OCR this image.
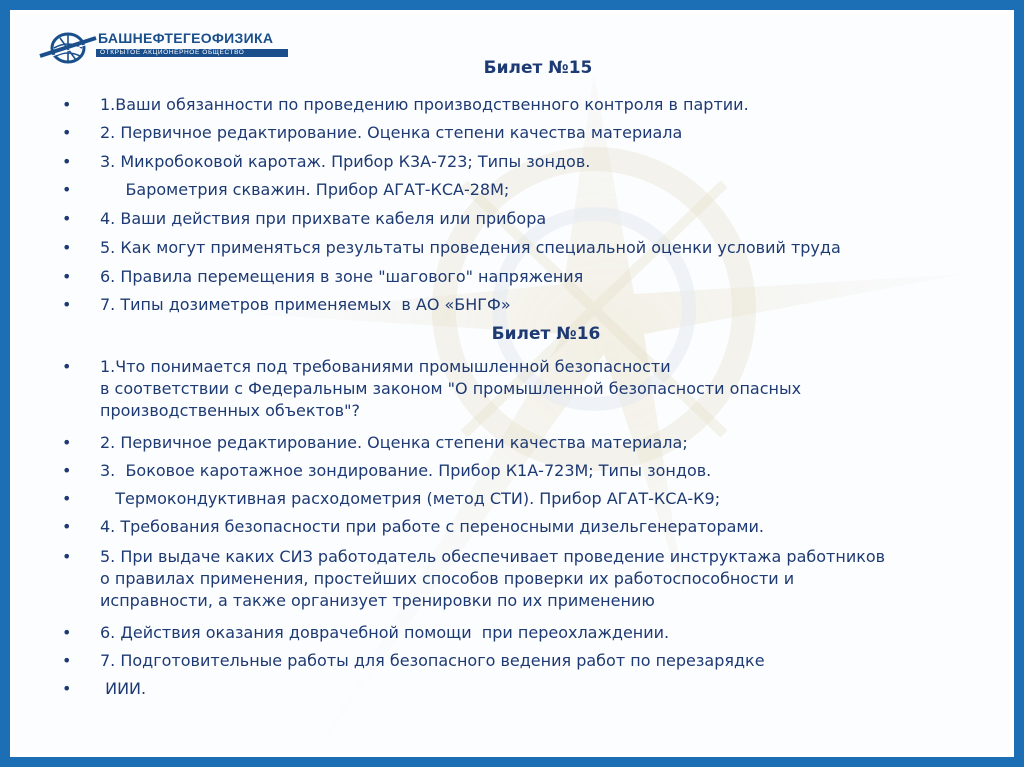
БАШНЕФТЕГЕОФИЗИКА
ОТКРЫТОЕ АКЦИОНЕРНОЕ ОБЩЕСТВО
Билет №15
• 1.Ваши обязанности по проведению производственного контроля в партии.
• 2. Первичное редактирование. Оценка степени качества материала
• 3. Микробоковой каротаж. Прибор К3А-723; Типы зондов.
• Барометрия скважин. Прибор АГАТ-КСА-28М;
• 4. Ваши действия при прихвате кабеля или прибора
• 5. Как могут применяться результаты проведения специальной оценки условий труда
• 6. Правила перемещения в зоне "шагового" напряжения
• 7. Типы дозиметров применяемых  в АО «БНГФ»
Билет №16
• 1.Что понимается под требованиями промышленной безопасности
в соответствии с Федеральным законом "О промышленной безопасности опасных
производственных объектов"?
• 2. Первичное редактирование. Оценка степени качества материала;
• 3.  Боковое каротажное зондирование. Прибор К1А-723М; Типы зондов.
• Термокондуктивная расходометрия (метод СТИ). Прибор АГАТ-КСА-К9;
• 4. Требования безопасности при работе с переносными дизельгенераторами.
• 5. При выдаче каких СИЗ работодатель обеспечивает проведение инструктажа работников
о правилах применения, простейших способов проверки их работоспособности и
исправности, а также организует тренировки по их применению
• 6. Действия оказания доврачебной помощи  при переохлаждении.
• 7. Подготовительные работы для безопасного ведения работ по перезарядке
• ИИИ.
